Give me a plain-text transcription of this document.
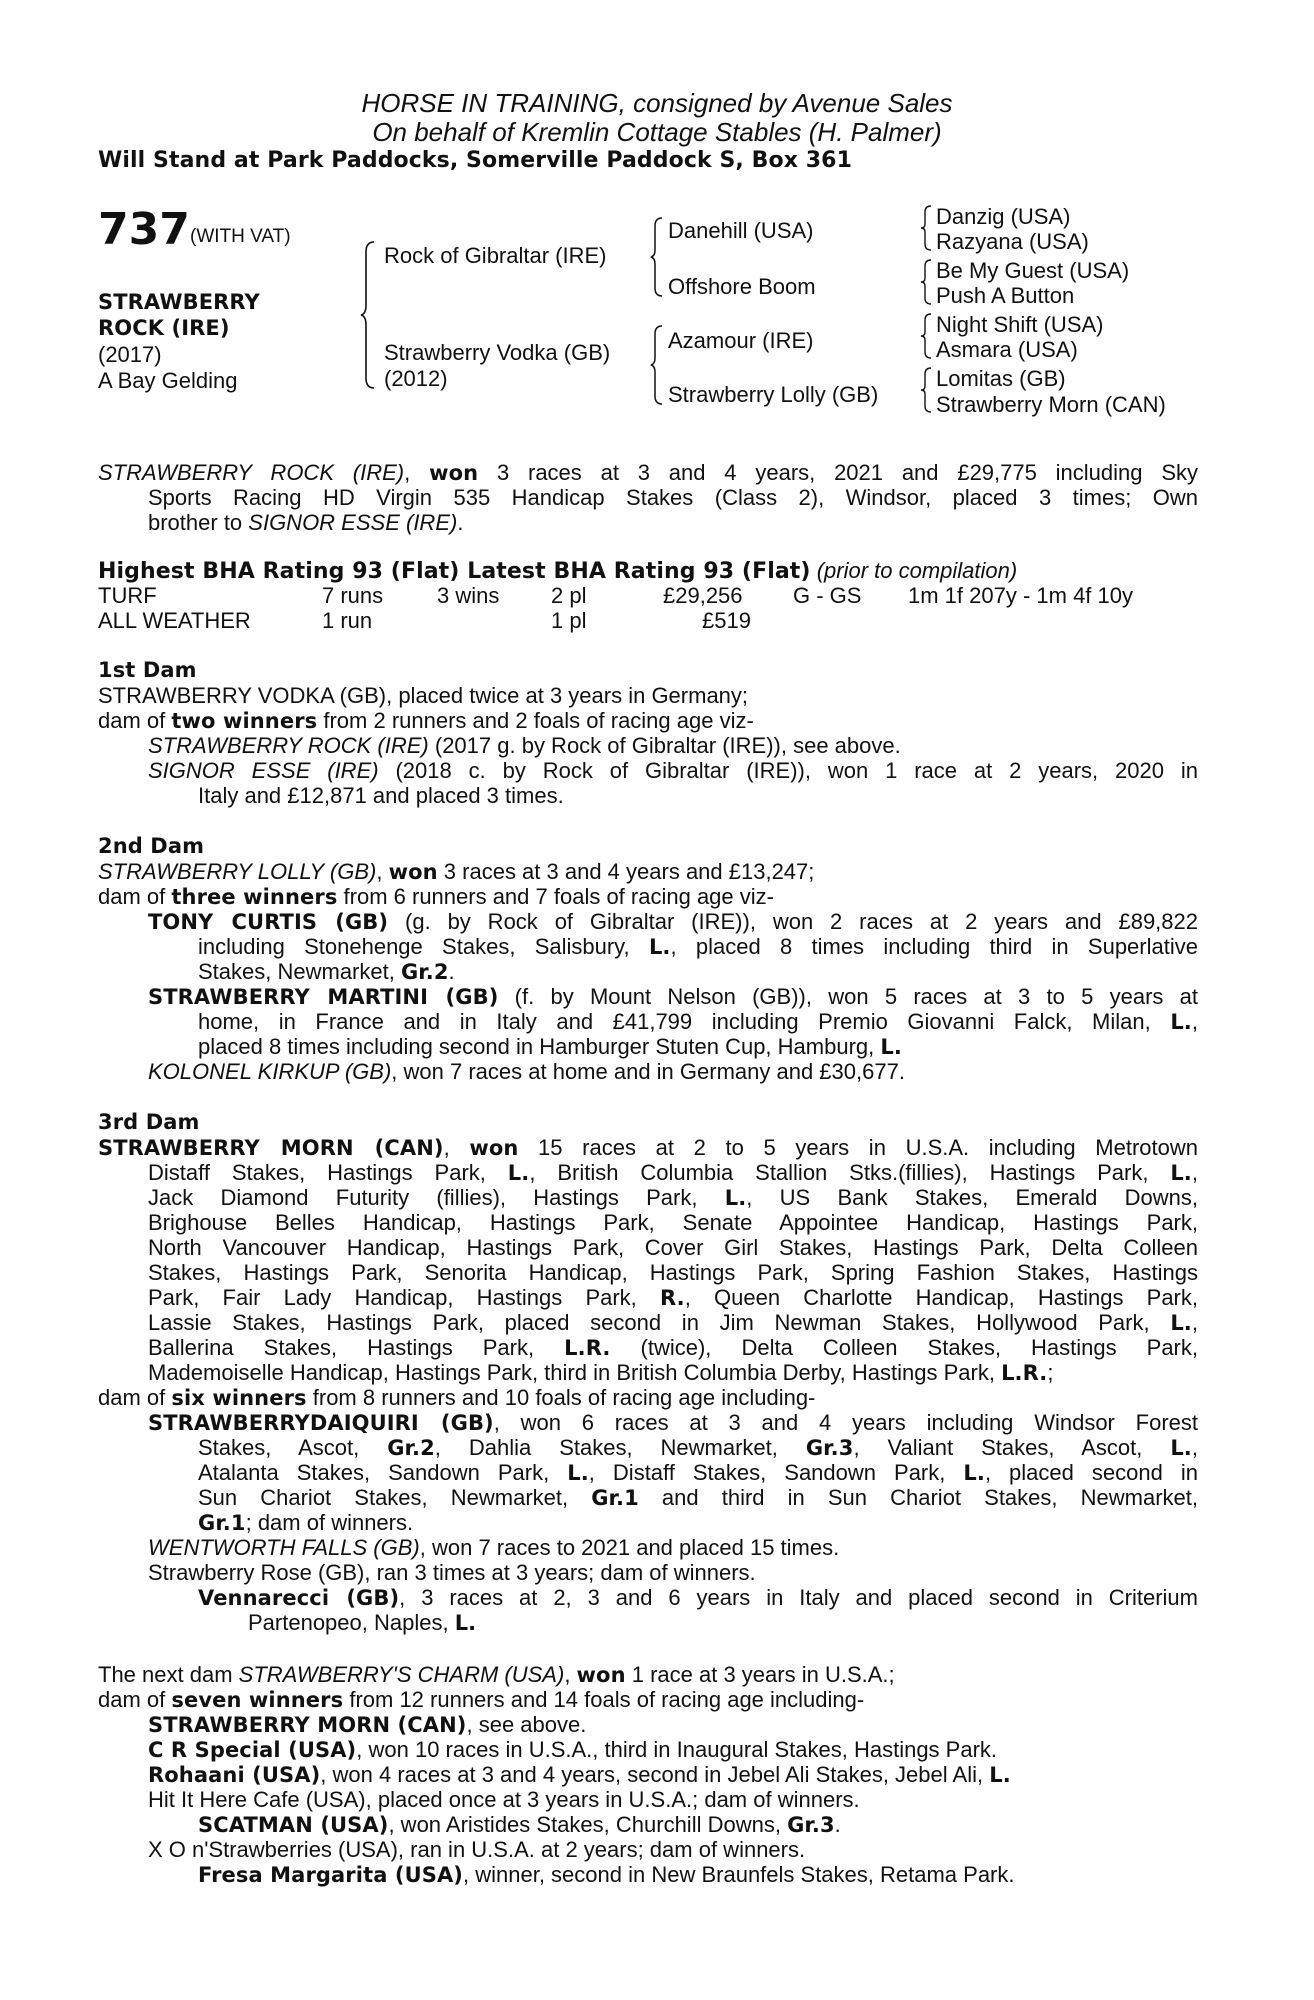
HORSE IN TRAINING, consigned by Avenue Sales
On behalf of Kremlin Cottage Stables (H. Palmer)
Will Stand at Park Paddocks, Somerville Paddock S, Box 361
737 (WITH VAT)
STRAWBERRY
ROCK (IRE)
(2017)
A Bay Gelding
Rock of Gibraltar (IRE)
Strawberry Vodka (GB)
(2012)
Danehill (USA)
Offshore Boom
Azamour (IRE)
Strawberry Lolly (GB)
Danzig (USA)
Razyana (USA)
Be My Guest (USA)
Push A Button
Night Shift (USA)
Asmara (USA)
Lomitas (GB)
Strawberry Morn (CAN)
STRAWBERRY ROCK (IRE), won 3 races at 3 and 4 years, 2021 and £29,775 including Sky
Sports Racing HD Virgin 535 Handicap Stakes (Class 2), Windsor, placed 3 times; Own
brother to SIGNOR ESSE (IRE).
Highest BHA Rating 93 (Flat) Latest BHA Rating 93 (Flat) (prior to compilation)
TURF	7 runs 3 wins 2 pl	£29,256 G - GS 1m 1f 207y - 1m 4f 10y
ALL WEATHER	1 run	1 pl	£519
1st Dam
STRAWBERRY VODKA (GB), placed twice at 3 years in Germany;
dam of two winners from 2 runners and 2 foals of racing age viz-
STRAWBERRY ROCK (IRE) (2017 g. by Rock of Gibraltar (IRE)), see above.
SIGNOR ESSE (IRE) (2018 c. by Rock of Gibraltar (IRE)), won 1 race at 2 years, 2020 in
Italy and £12,871 and placed 3 times.
2nd Dam
STRAWBERRY LOLLY (GB), won 3 races at 3 and 4 years and £13,247;
dam of three winners from 6 runners and 7 foals of racing age viz-
TONY CURTIS (GB) (g. by Rock of Gibraltar (IRE)), won 2 races at 2 years and £89,822
including Stonehenge Stakes, Salisbury, L., placed 8 times including third in Superlative
Stakes, Newmarket, Gr.2.
STRAWBERRY MARTINI (GB) (f. by Mount Nelson (GB)), won 5 races at 3 to 5 years at
home, in France and in Italy and £41,799 including Premio Giovanni Falck, Milan, L.,
placed 8 times including second in Hamburger Stuten Cup, Hamburg, L.
KOLONEL KIRKUP (GB), won 7 races at home and in Germany and £30,677.
3rd Dam
STRAWBERRY MORN (CAN), won 15 races at 2 to 5 years in U.S.A. including Metrotown
Distaff Stakes, Hastings Park, L., British Columbia Stallion Stks.(fillies), Hastings Park, L.,
Jack Diamond Futurity (fillies), Hastings Park, L., US Bank Stakes, Emerald Downs,
Brighouse Belles Handicap, Hastings Park, Senate Appointee Handicap, Hastings Park,
North Vancouver Handicap, Hastings Park, Cover Girl Stakes, Hastings Park, Delta Colleen
Stakes, Hastings Park, Senorita Handicap, Hastings Park, Spring Fashion Stakes, Hastings
Park, Fair Lady Handicap, Hastings Park, R., Queen Charlotte Handicap, Hastings Park,
Lassie Stakes, Hastings Park, placed second in Jim Newman Stakes, Hollywood Park, L.,
Ballerina Stakes, Hastings Park, L.R. (twice), Delta Colleen Stakes, Hastings Park,
Mademoiselle Handicap, Hastings Park, third in British Columbia Derby, Hastings Park, L.R.;
dam of six winners from 8 runners and 10 foals of racing age including-
STRAWBERRYDAIQUIRI (GB), won 6 races at 3 and 4 years including Windsor Forest
Stakes, Ascot, Gr.2, Dahlia Stakes, Newmarket, Gr.3, Valiant Stakes, Ascot, L.,
Atalanta Stakes, Sandown Park, L., Distaff Stakes, Sandown Park, L., placed second in
Sun Chariot Stakes, Newmarket, Gr.1 and third in Sun Chariot Stakes, Newmarket,
Gr.1; dam of winners.
WENTWORTH FALLS (GB), won 7 races to 2021 and placed 15 times.
Strawberry Rose (GB), ran 3 times at 3 years; dam of winners.
Vennarecci (GB), 3 races at 2, 3 and 6 years in Italy and placed second in Criterium
Partenopeo, Naples, L.
The next dam STRAWBERRY'S CHARM (USA), won 1 race at 3 years in U.S.A.;
dam of seven winners from 12 runners and 14 foals of racing age including-
STRAWBERRY MORN (CAN), see above.
C R Special (USA), won 10 races in U.S.A., third in Inaugural Stakes, Hastings Park.
Rohaani (USA), won 4 races at 3 and 4 years, second in Jebel Ali Stakes, Jebel Ali, L.
Hit It Here Cafe (USA), placed once at 3 years in U.S.A.; dam of winners.
SCATMAN (USA), won Aristides Stakes, Churchill Downs, Gr.3.
X O n'Strawberries (USA), ran in U.S.A. at 2 years; dam of winners.
Fresa Margarita (USA), winner, second in New Braunfels Stakes, Retama Park.
